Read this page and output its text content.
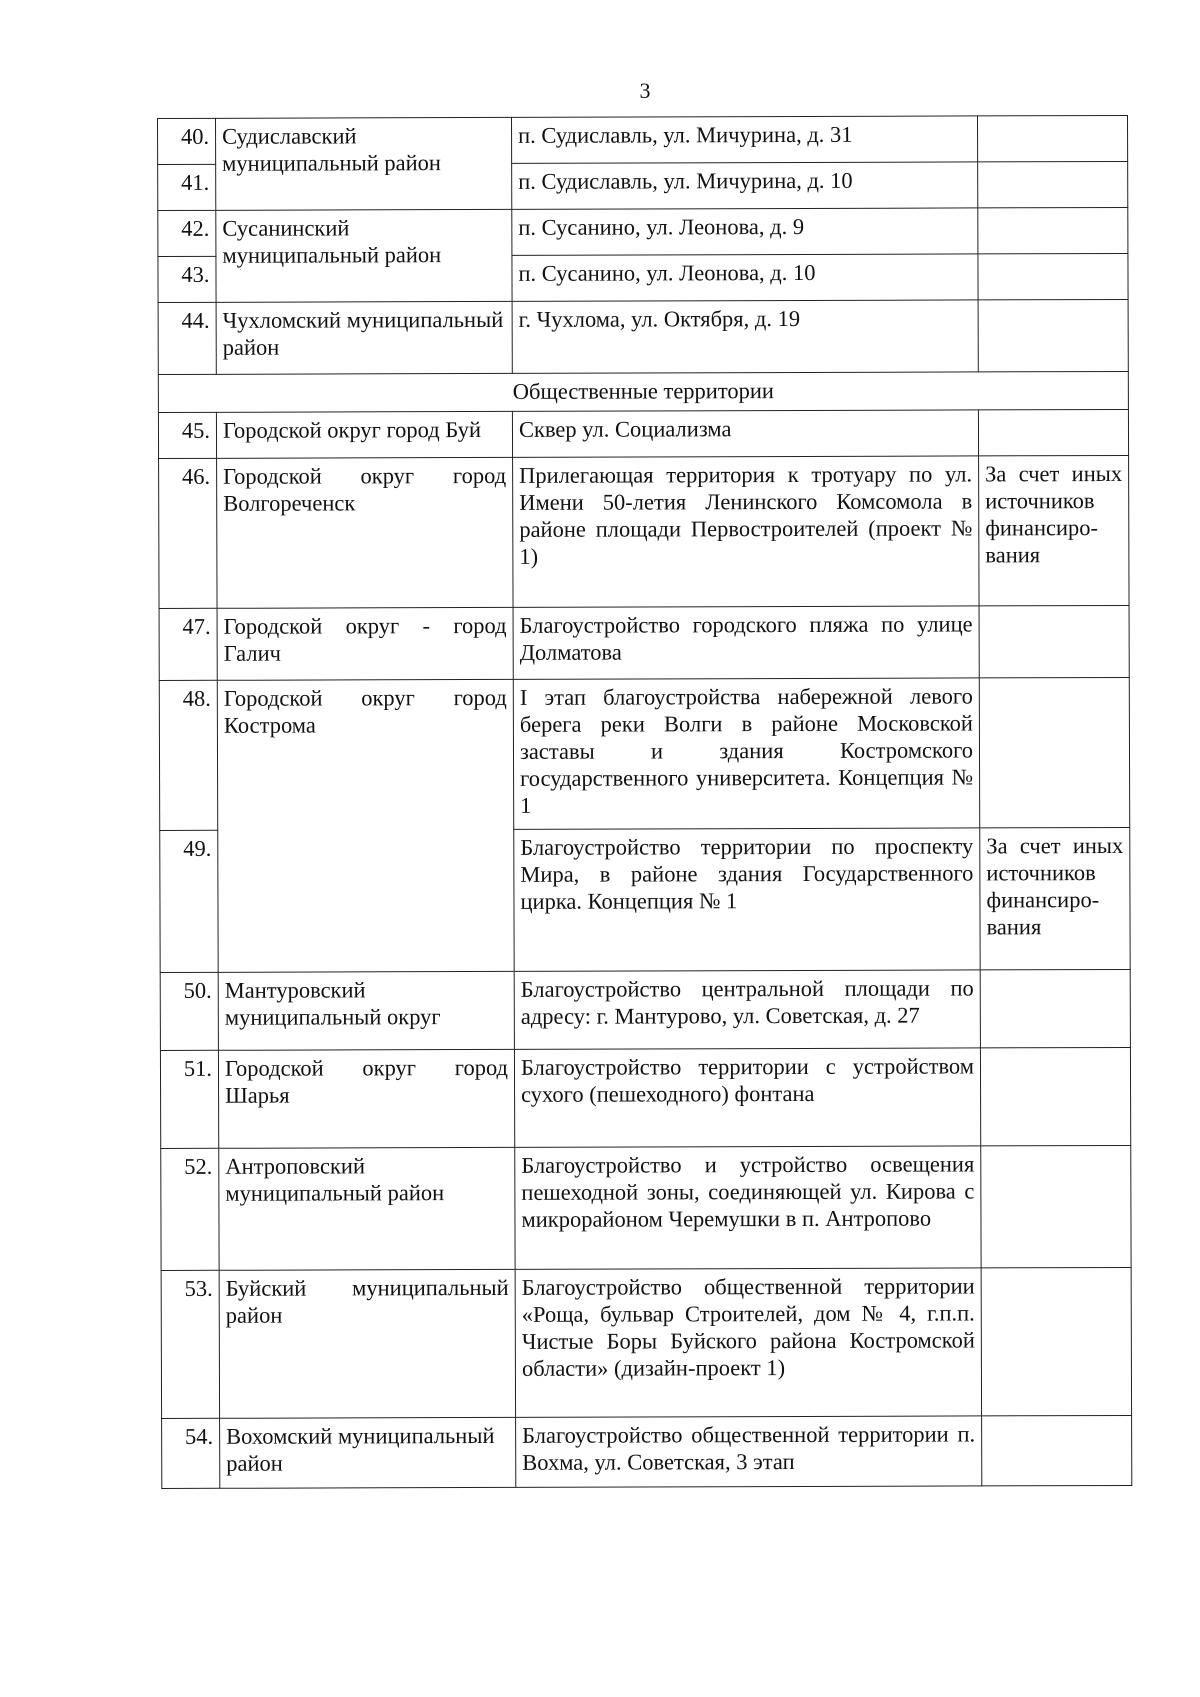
3
40.	Судиславский муниципальный район	п. Судиславль, ул. Мичурина, д. 31	
41.		п. Судиславль, ул. Мичурина, д. 10	
42.	Сусанинский муниципальный район	п. Сусанино, ул. Леонова, д. 9	
43.		п. Сусанино, ул. Леонова, д. 10	
44.	Чухломский муниципальный район	г. Чухлома, ул. Октября, д. 19	
Общественные территории			
45.	Городской округ город Буй	Сквер ул. Социализма	
46.	Городской округ город Волгореченск	Прилегающая территория к тротуару по ул. Имени 50-летия Ленинского Комсомола в районе площади Первостроителей (проект № 1)	За счет иных источников финансиро-вания
47.	Городской округ - город Галич	Благоустройство городского пляжа по улице Долматова	
48.	Городской округ город Кострома	I этап благоустройства набережной левого берега реки Волги в районе Московской заставы и здания Костромского государственного университета. Концепция № 1	
49.		Благоустройство территории по проспекту Мира, в районе здания Государственного цирка. Концепция № 1	За счет иных источников финансиро-вания
50.	Мантуровский муниципальный округ	Благоустройство центральной площади по адресу: г. Мантурово, ул. Советская, д. 27	
51.	Городской округ город Шарья	Благоустройство территории с устройством сухого (пешеходного) фонтана	
52.	Антроповский муниципальный район	Благоустройство и устройство освещения пешеходной зоны, соединяющей ул. Кирова с микрорайоном Черемушки в п. Антропово	
53.	Буйский муниципальный район	Благоустройство общественной территории «Роща, бульвар Строителей, дом № 4, г.п.п. Чистые Боры Буйского района Костромской области» (дизайн-проект 1)	
54.	Вохомский муниципальный район	Благоустройство общественной территории п. Вохма, ул. Советская, 3 этап	
